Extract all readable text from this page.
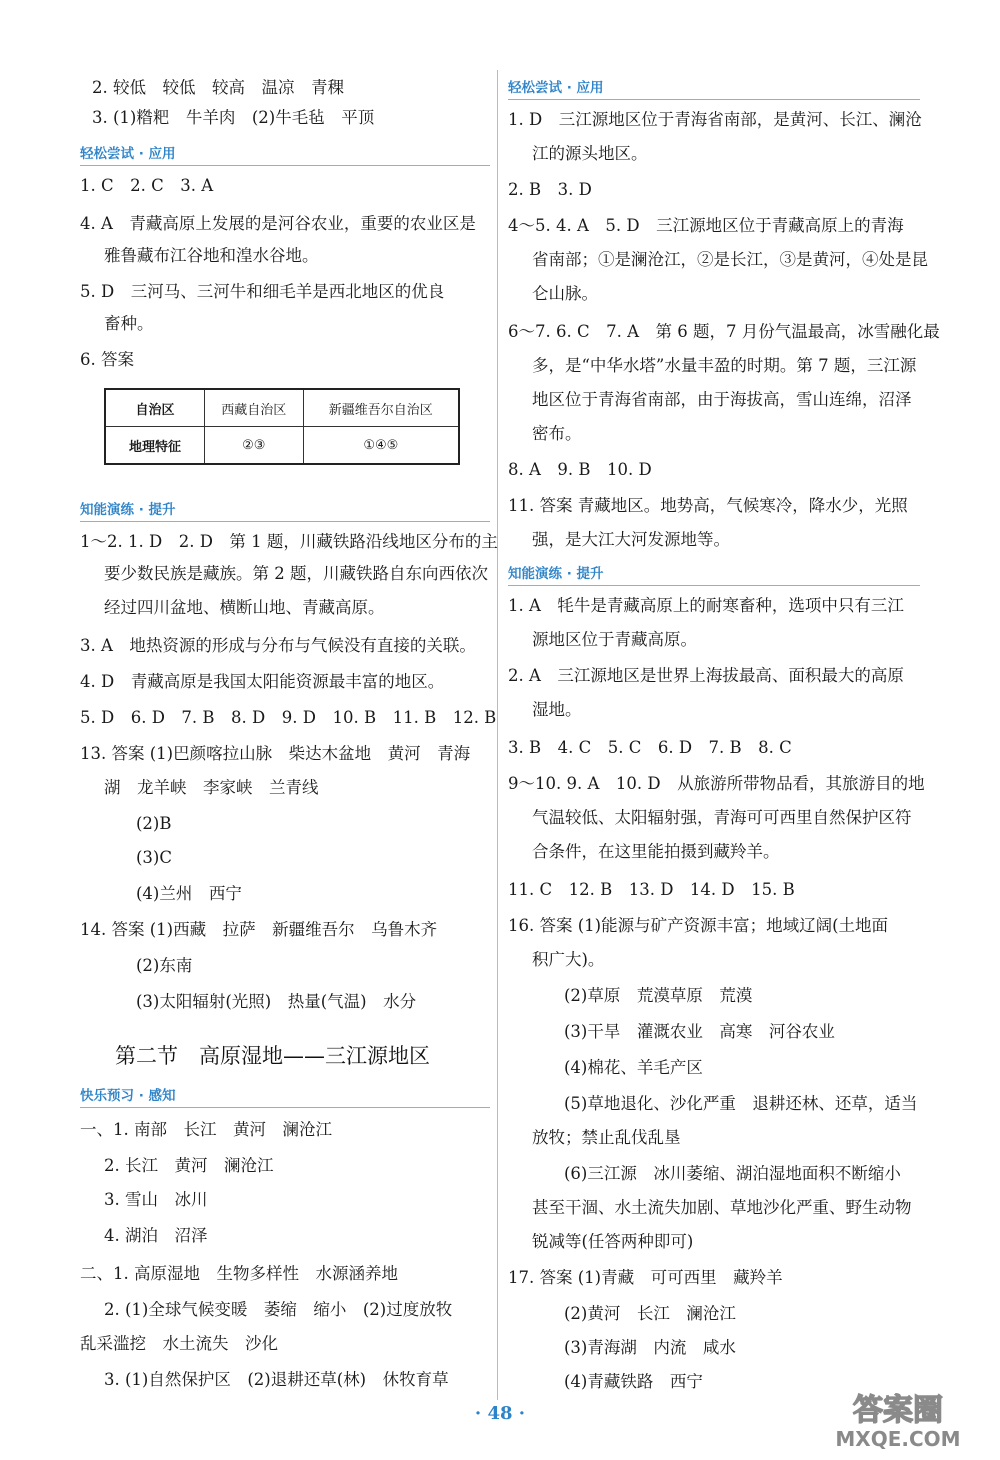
2. 较低　较低　较高　温凉　青稞
3. (1)糌粑　牛羊肉　(2)牛毛毡　平顶
轻松尝试 · 应用
1. C　2. C　3. A
4. A　青藏高原上发展的是河谷农业，重要的农业区是
雅鲁藏布江谷地和湟水谷地。
5. D　三河马、三河牛和细毛羊是西北地区的优良
畜种。
6. 答案
自治区	西藏自治区	新疆维吾尔自治区
地理特征	②③	①④⑤
知能演练 · 提升
1～2. 1. D　2. D　第 1 题，川藏铁路沿线地区分布的主
要少数民族是藏族。第 2 题，川藏铁路自东向西依次
经过四川盆地、横断山地、青藏高原。
3. A　地热资源的形成与分布与气候没有直接的关联。
4. D　青藏高原是我国太阳能资源最丰富的地区。
5. D　6. D　7. B　8. D　9. D　10. B　11. B　12. B
13. 答案 (1)巴颜喀拉山脉　柴达木盆地　黄河　青海
湖　龙羊峡　李家峡　兰青线
(2)B
(3)C
(4)兰州　西宁
14. 答案 (1)西藏　拉萨　新疆维吾尔　乌鲁木齐
(2)东南
(3)太阳辐射(光照)　热量(气温)　水分
快乐预习 · 感知
一、1. 南部　长江　黄河　澜沧江
2. 长江　黄河　澜沧江
3. 雪山　冰川
4. 湖泊　沼泽
二、1. 高原湿地　生物多样性　水源涵养地
2. (1)全球气候变暖　萎缩　缩小　(2)过度放牧
乱采滥挖　水土流失　沙化
3. (1)自然保护区　(2)退耕还草(林)　休牧育草
第二节　高原湿地——三江源地区
轻松尝试 · 应用
1. D　三江源地区位于青海省南部，是黄河、长江、澜沧
江的源头地区。
2. B　3. D
4～5. 4. A　5. D　三江源地区位于青藏高原上的青海
省南部；①是澜沧江，②是长江，③是黄河，④处是昆
仑山脉。
6～7. 6. C　7. A　第 6 题，7 月份气温最高，冰雪融化最
多，是“中华水塔”水量丰盈的时期。第 7 题，三江源
地区位于青海省南部，由于海拔高，雪山连绵，沼泽
密布。
8. A　9. B　10. D
11. 答案 青藏地区。地势高，气候寒冷，降水少，光照
强，是大江大河发源地等。
知能演练 · 提升
1. A　牦牛是青藏高原上的耐寒畜种，选项中只有三江
源地区位于青藏高原。
2. A　三江源地区是世界上海拔最高、面积最大的高原
湿地。
3. B　4. C　5. C　6. D　7. B　8. C
9～10. 9. A　10. D　从旅游所带物品看，其旅游目的地
气温较低、太阳辐射强，青海可可西里自然保护区符
合条件，在这里能拍摄到藏羚羊。
11. C　12. B　13. D　14. D　15. B
16. 答案 (1)能源与矿产资源丰富；地域辽阔(土地面
积广大)。
(2)草原　荒漠草原　荒漠
(3)干旱　灌溉农业　高寒　河谷农业
(4)棉花、羊毛产区
(5)草地退化、沙化严重　退耕还林、还草，适当
放牧；禁止乱伐乱垦
(6)三江源　冰川萎缩、湖泊湿地面积不断缩小
甚至干涸、水土流失加剧、草地沙化严重、野生动物
锐减等(任答两种即可)
17. 答案 (1)青藏　可可西里　藏羚羊
(2)黄河　长江　澜沧江
(3)青海湖　内流　咸水
(4)青藏铁路　西宁
· 48 ·	答案圈
MXQE.COM
